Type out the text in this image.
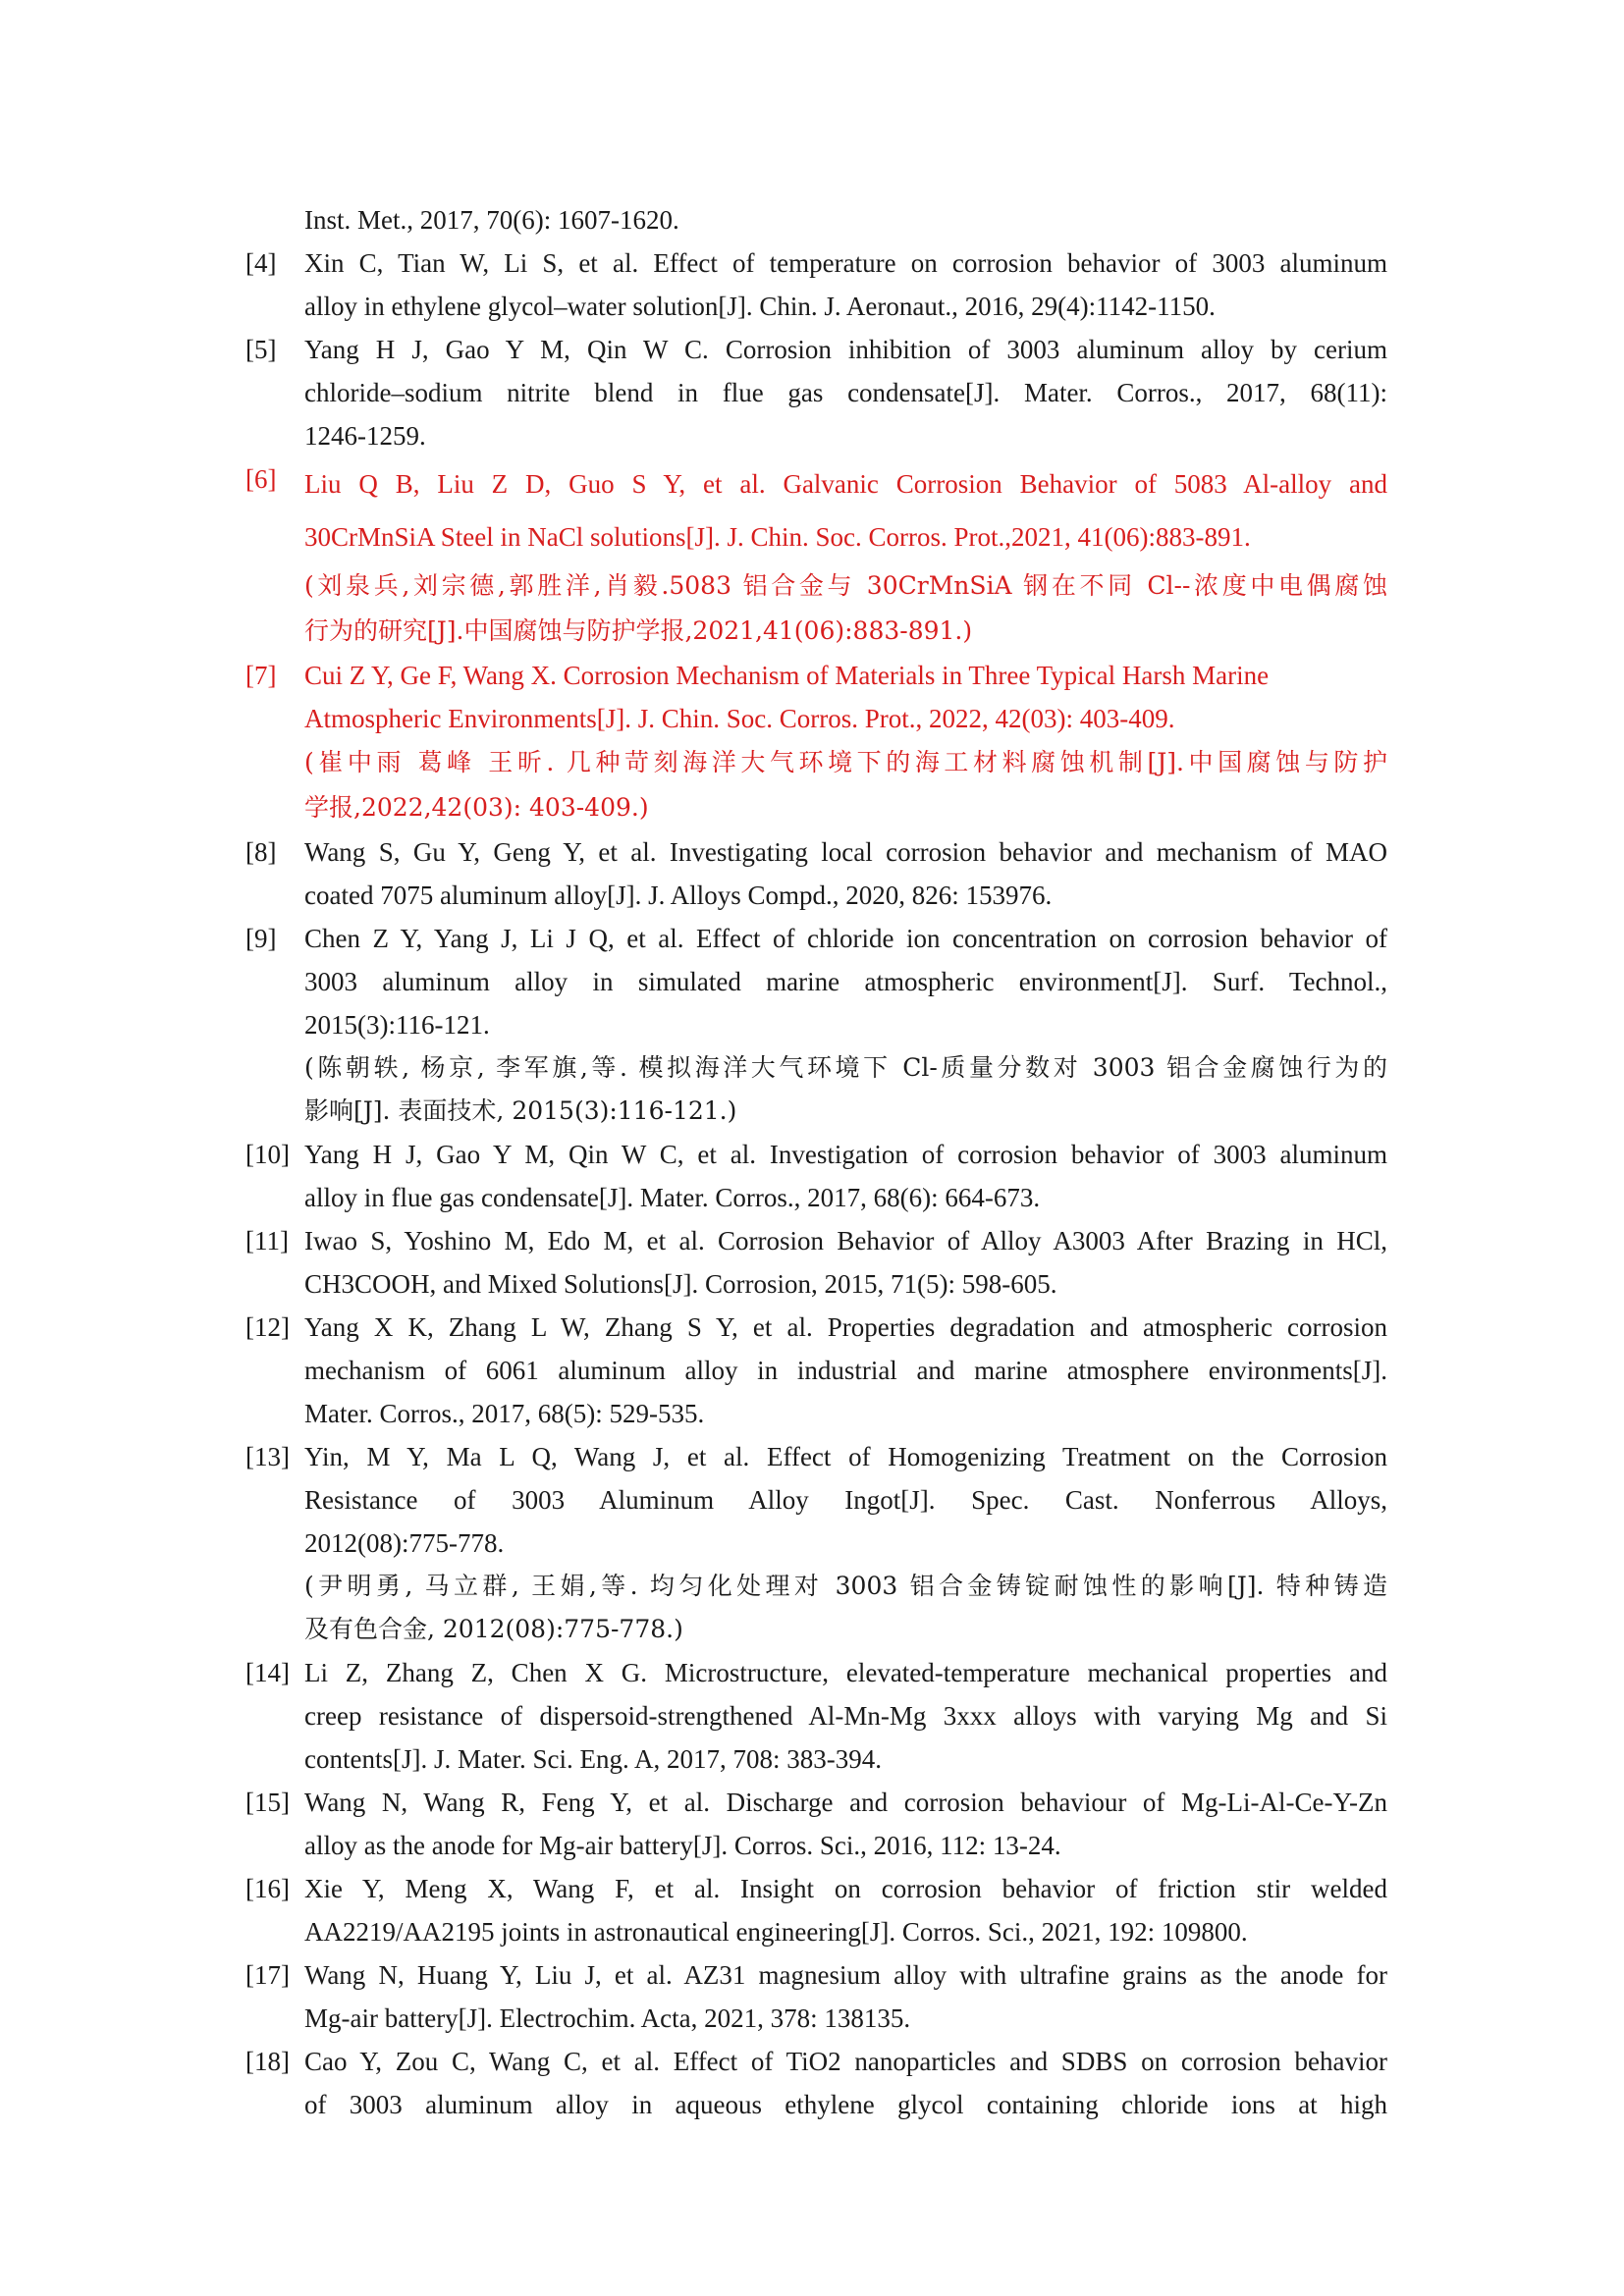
Inst. Met., 2017, 70(6): 1607-1620.
[4]	Xin C, Tian W, Li S, et al. Effect of temperature on corrosion behavior of 3003 aluminum
alloy in ethylene glycol–water solution[J]. Chin. J. Aeronaut., 2016, 29(4):1142-1150.
[5]	Yang H J, Gao Y M, Qin W C. Corrosion inhibition of 3003 aluminum alloy by cerium
chloride–sodium nitrite blend in flue gas condensate[J]. Mater. Corros., 2017, 68(11):
1246-1259.
[6]	Liu Q B, Liu Z D, Guo S Y, et al. Galvanic Corrosion Behavior of 5083 Al-alloy and
30CrMnSiA Steel in NaCl solutions[J]. J. Chin. Soc. Corros. Prot.,2021, 41(06):883-891.
(刘泉兵,刘宗德,郭胜洋,肖毅.5083 铝合金与 30CrMnSiA 钢在不同 Cl--浓度中电偶腐蚀
行为的研究[J].中国腐蚀与防护学报,2021,41(06):883-891.)
[7]	Cui Z Y, Ge F, Wang X. Corrosion Mechanism of Materials in Three Typical Harsh Marine
Atmospheric Environments[J]. J. Chin. Soc. Corros. Prot., 2022, 42(03): 403-409.
(崔中雨 葛峰 王昕. 几种苛刻海洋大气环境下的海工材料腐蚀机制[J].中国腐蚀与防护
学报,2022,42(03): 403-409.)
[8]	Wang S, Gu Y, Geng Y, et al. Investigating local corrosion behavior and mechanism of MAO
coated 7075 aluminum alloy[J]. J. Alloys Compd., 2020, 826: 153976.
[9]	Chen Z Y, Yang J, Li J Q, et al. Effect of chloride ion concentration on corrosion behavior of
3003 aluminum alloy in simulated marine atmospheric environment[J]. Surf. Technol.,
2015(3):116-121.
(陈朝轶, 杨京, 李军旗,等. 模拟海洋大气环境下 Cl-质量分数对 3003 铝合金腐蚀行为的
影响[J]. 表面技术, 2015(3):116-121.)
[10] Yang H J, Gao Y M, Qin W C, et al. Investigation of corrosion behavior of 3003 aluminum
alloy in flue gas condensate[J]. Mater. Corros., 2017, 68(6): 664-673.
[11] Iwao S, Yoshino M, Edo M, et al. Corrosion Behavior of Alloy A3003 After Brazing in HCl,
CH3COOH, and Mixed Solutions[J]. Corrosion, 2015, 71(5): 598-605.
[12] Yang X K, Zhang L W, Zhang S Y, et al. Properties degradation and atmospheric corrosion
mechanism of 6061 aluminum alloy in industrial and marine atmosphere environments[J].
Mater. Corros., 2017, 68(5): 529-535.
[13] Yin, M Y, Ma L Q, Wang J, et al. Effect of Homogenizing Treatment on the Corrosion
Resistance of 3003 Aluminum Alloy Ingot[J]. Spec. Cast. Nonferrous Alloys,
2012(08):775-778.
(尹明勇, 马立群, 王娟,等. 均匀化处理对 3003 铝合金铸锭耐蚀性的影响[J]. 特种铸造
及有色合金, 2012(08):775-778.)
[14] Li Z, Zhang Z, Chen X G. Microstructure, elevated-temperature mechanical properties and
creep resistance of dispersoid-strengthened Al-Mn-Mg 3xxx alloys with varying Mg and Si
contents[J]. J. Mater. Sci. Eng. A, 2017, 708: 383-394.
[15] Wang N, Wang R, Feng Y, et al. Discharge and corrosion behaviour of Mg-Li-Al-Ce-Y-Zn
alloy as the anode for Mg-air battery[J]. Corros. Sci., 2016, 112: 13-24.
[16] Xie Y, Meng X, Wang F, et al. Insight on corrosion behavior of friction stir welded
AA2219/AA2195 joints in astronautical engineering[J]. Corros. Sci., 2021, 192: 109800.
[17] Wang N, Huang Y, Liu J, et al. AZ31 magnesium alloy with ultrafine grains as the anode for
Mg-air battery[J]. Electrochim. Acta, 2021, 378: 138135.
[18] Cao Y, Zou C, Wang C, et al. Effect of TiO2 nanoparticles and SDBS on corrosion behavior
of 3003 aluminum alloy in aqueous ethylene glycol containing chloride ions at high
